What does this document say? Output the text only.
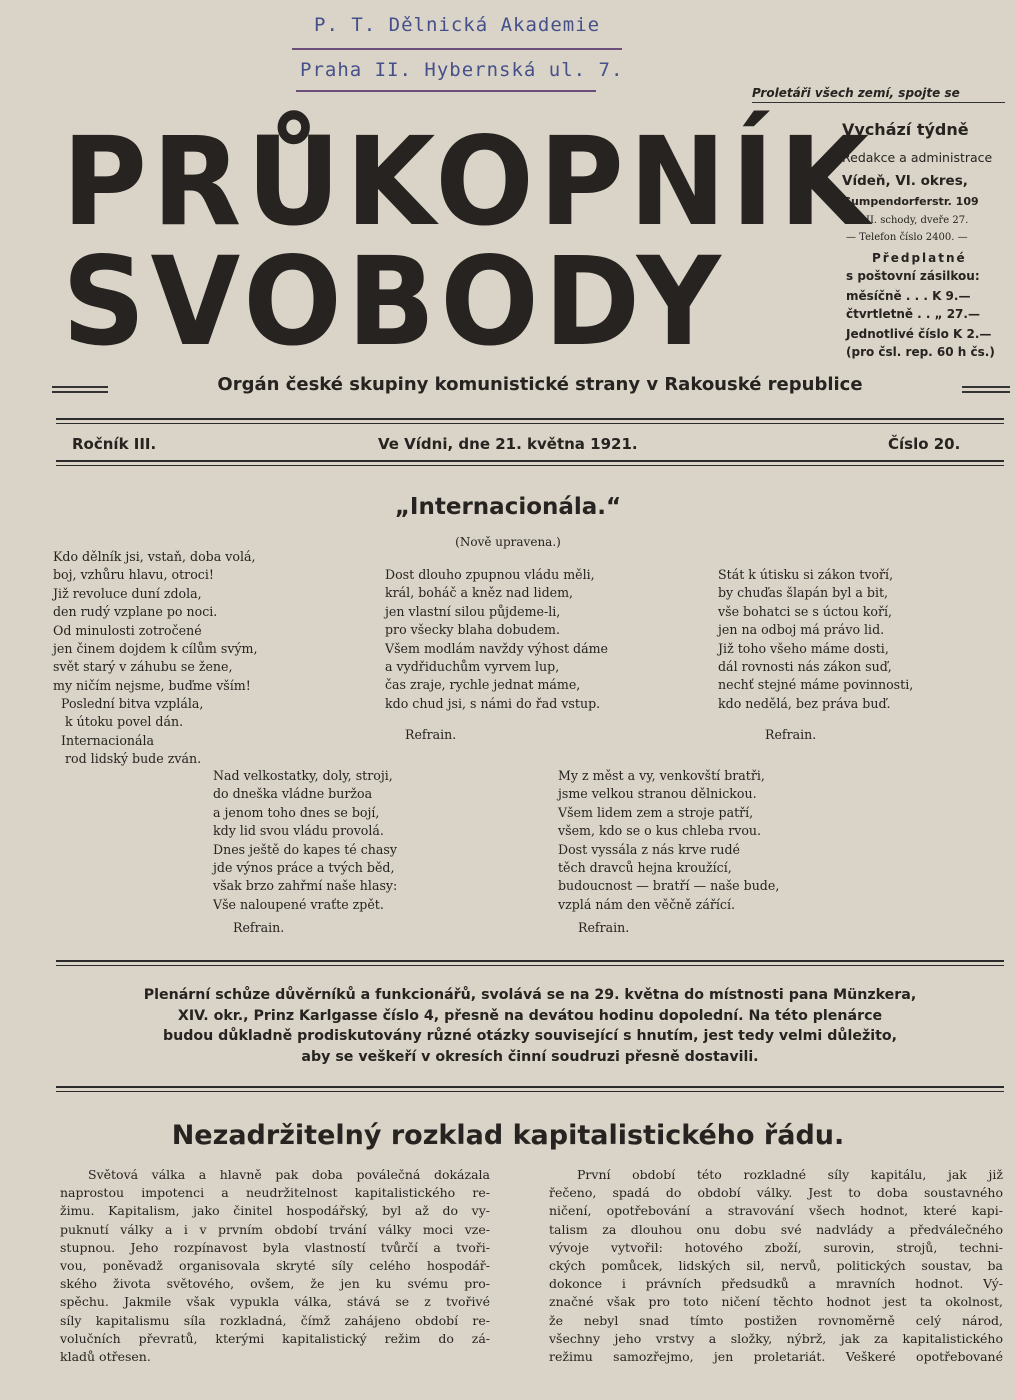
P. T. Dělnická Akademie
Praha II. Hybernská ul. 7.
Proletáři všech zemí, spojte se
PRŮKOPNÍK
SVOBODY
Vychází týdně
Redakce a administrace
Vídeň, VI. okres,
Gumpendorferstr. 109
II. schody, dveře 27.
— Telefon číslo 2400. —
Předplatné
s poštovní zásilkou:
měsíčně . . . K 9.—
čtvrtletně . . „ 27.—
Jednotlivé číslo K 2.—
(pro čsl. rep. 60 h čs.)
Orgán české skupiny komunistické strany v Rakouské republice
Ročník III.	Ve Vídni, dne 21. května 1921.	Číslo 20.
„Internacionála.“
(Nově upravena.)
Kdo dělník jsi, vstaň, doba volá,
boj, vzhůru hlavu, otroci!
Již revoluce duní zdola,
den rudý vzplane po noci.
Od minulosti zotročené
jen činem dojdem k cílům svým,
svět starý v záhubu se žene,
my ničím nejsme, buďme vším!
Poslední bitva vzplála,
k útoku povel dán.
Internacionála
rod lidský bude zván.
Dost dlouho zpupnou vládu měli,
král, boháč a kněz nad lidem,
jen vlastní silou půjdeme-li,
pro všecky blaha dobudem.
Všem modlám navždy výhost dáme
a vydřiduchům vyrvem lup,
čas zraje, rychle jednat máme,
kdo chud jsi, s námi do řad vstup.
Refrain.
Stát k útisku si zákon tvoří,
by chuďas šlapán byl a bit,
vše bohatci se s úctou koří,
jen na odboj má právo lid.
Již toho všeho máme dosti,
dál rovnosti nás zákon suď,
nechť stejné máme povinnosti,
kdo nedělá, bez práva buď.
Refrain.
Nad velkostatky, doly, stroji,
do dneška vládne buržoa
a jenom toho dnes se bojí,
kdy lid svou vládu provolá.
Dnes ještě do kapes té chasy
jde výnos práce a tvých běd,
však brzo zahřmí naše hlasy:
Vše naloupené vraťte zpět.
Refrain.
My z měst a vy, venkovští bratři,
jsme velkou stranou dělnickou.
Všem lidem zem a stroje patří,
všem, kdo se o kus chleba rvou.
Dost vyssála z nás krve rudé
těch dravců hejna kroužící,
budoucnost — bratří — naše bude,
vzplá nám den věčně zářící.
Refrain.
Plenární schůze důvěrníků a funkcionářů, svolává se na 29. května do místnosti pana Münzkera,
XIV. okr., Prinz Karlgasse číslo 4, přesně na devátou hodinu dopolední. Na této plenárce
budou důkladně prodiskutovány různé otázky související s hnutím, jest tedy velmi důležito,
aby se veškeří v okresích činní soudruzi přesně dostavili.
Nezadržitelný rozklad kapitalistického řádu.
Světová válka a hlavně pak doba poválečná dokázala
naprostou impotenci a neudržitelnost kapitalistického re-
žimu. Kapitalism, jako činitel hospodářský, byl až do vy-
puknutí války a i v prvním období trvání války moci vze-
stupnou. Jeho rozpínavost byla vlastností tvůrčí a tvoři-
vou, poněvadž organisovala skryté síly celého hospodář-
ského života světového, ovšem, že jen ku svému pro-
spěchu. Jakmile však vypukla válka, stává se z tvořivé
síly kapitalismu síla rozkladná, čímž zahájeno období re-
volučních převratů, kterými kapitalistický režim do zá-
kladů otřesen.
První období této rozkladné síly kapitálu, jak již
řečeno, spadá do období války. Jest to doba soustavného
ničení, opotřebování a stravování všech hodnot, které kapi-
talism za dlouhou onu dobu své nadvlády a předválečného
vývoje vytvořil: hotového zboží, surovin, strojů, techni-
ckých pomůcek, lidských sil, nervů, politických soustav, ba
dokonce i právních předsudků a mravních hodnot. Vý-
značné však pro toto ničení těchto hodnot jest ta okolnost,
že nebyl snad tímto postižen rovnoměrně celý národ,
všechny jeho vrstvy a složky, nýbrž, jak za kapitalistického
režimu samozřejmo, jen proletariát. Veškeré opotřebované
